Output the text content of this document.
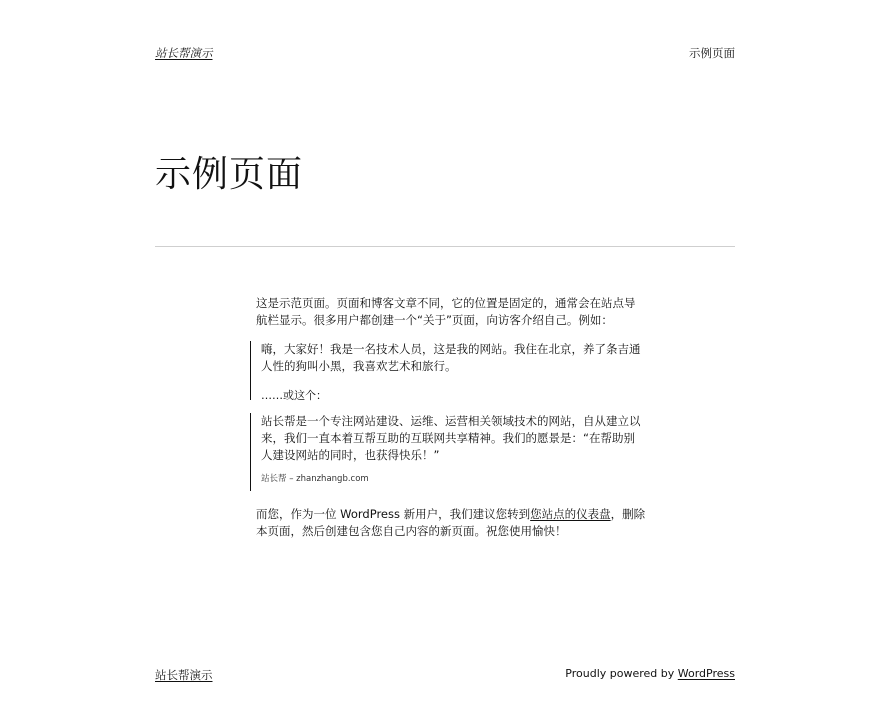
站长帮演示	示例页面
示例页面

这是示范页面。页面和博客文章不同，它的位置是固定的，通常会在站点导航栏显示。很多用户都创建一个“关于”页面，向访客介绍自己。例如：

嗨，大家好！我是一名技术人员，这是我的网站。我住在北京，养了条吉通人性的狗叫小黑，我喜欢艺术和旅行。

……或这个：

站长帮是一个专注网站建设、运维、运营相关领域技术的网站，自从建立以来，我们一直本着互帮互助的互联网共享精神。我们的愿景是：“在帮助别人建设网站的同时，也获得快乐！”

站长帮 – zhanzhangb.com

而您，作为一位 WordPress 新用户，我们建议您转到您站点的仪表盘，删除本页面，然后创建包含您自己内容的新页面。祝您使用愉快！

站长帮演示	Proudly powered by WordPress
